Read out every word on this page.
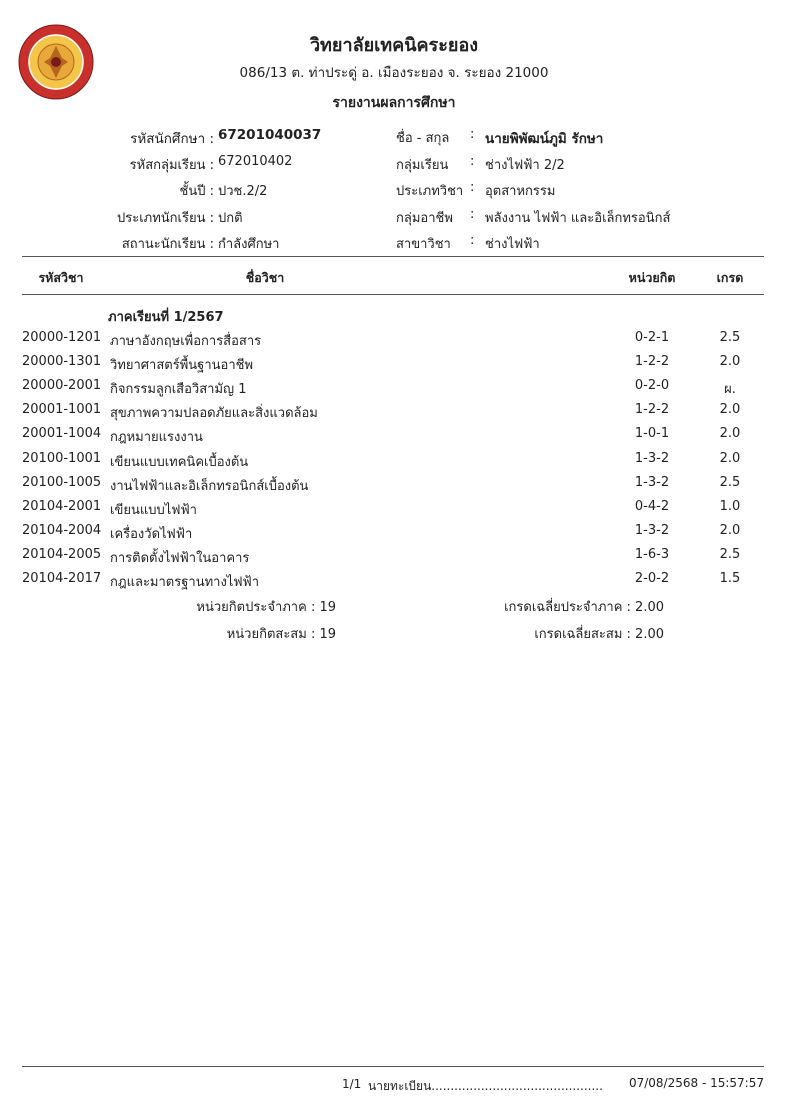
วิทยาลัยเทคนิคระยอง
086/13 ต. ท่าประดู่ อ. เมืองระยอง จ. ระยอง 21000
รายงานผลการศึกษา
รหัสนักศึกษา : 67201040037
รหัสกลุ่มเรียน : 672010402
ชั้นปี : ปวช.2/2
ประเภทนักเรียน : ปกติ
สถานะนักเรียน : กำลังศึกษา
ชื่อ - สกุล : นายพิพัฒน์ภูมิ รักษา
กลุ่มเรียน : ช่างไฟฟ้า 2/2
ประเภทวิชา : อุตสาหกรรม
กลุ่มอาชีพ : พลังงาน ไฟฟ้า และอิเล็กทรอนิกส์
สาขาวิชา : ช่างไฟฟ้า
รหัสวิชา	ชื่อวิชา	หน่วยกิต	เกรด
ภาคเรียนที่ 1/2567
20000-1201 ภาษาอังกฤษเพื่อการสื่อสาร	0-2-1	2.5
20000-1301 วิทยาศาสตร์พื้นฐานอาชีพ	1-2-2	2.0
20000-2001 กิจกรรมลูกเสือวิสามัญ 1	0-2-0	ผ.
20001-1001 สุขภาพความปลอดภัยและสิ่งแวดล้อม	1-2-2	2.0
20001-1004 กฎหมายแรงงาน	1-0-1	2.0
20100-1001 เขียนแบบเทคนิคเบื้องต้น	1-3-2	2.0
20100-1005 งานไฟฟ้าและอิเล็กทรอนิกส์เบื้องต้น	1-3-2	2.5
20104-2001 เขียนแบบไฟฟ้า	0-4-2	1.0
20104-2004 เครื่องวัดไฟฟ้า	1-3-2	2.0
20104-2005 การติดตั้งไฟฟ้าในอาคาร	1-6-3	2.5
20104-2017 กฎและมาตรฐานทางไฟฟ้า	2-0-2	1.5
หน่วยกิตประจำภาค : 19	เกรดเฉลี่ยประจำภาค : 2.00
หน่วยกิตสะสม : 19	เกรดเฉลี่ยสะสม : 2.00
1/1 นายทะเบียน............................................. 07/08/2568 - 15:57:57
